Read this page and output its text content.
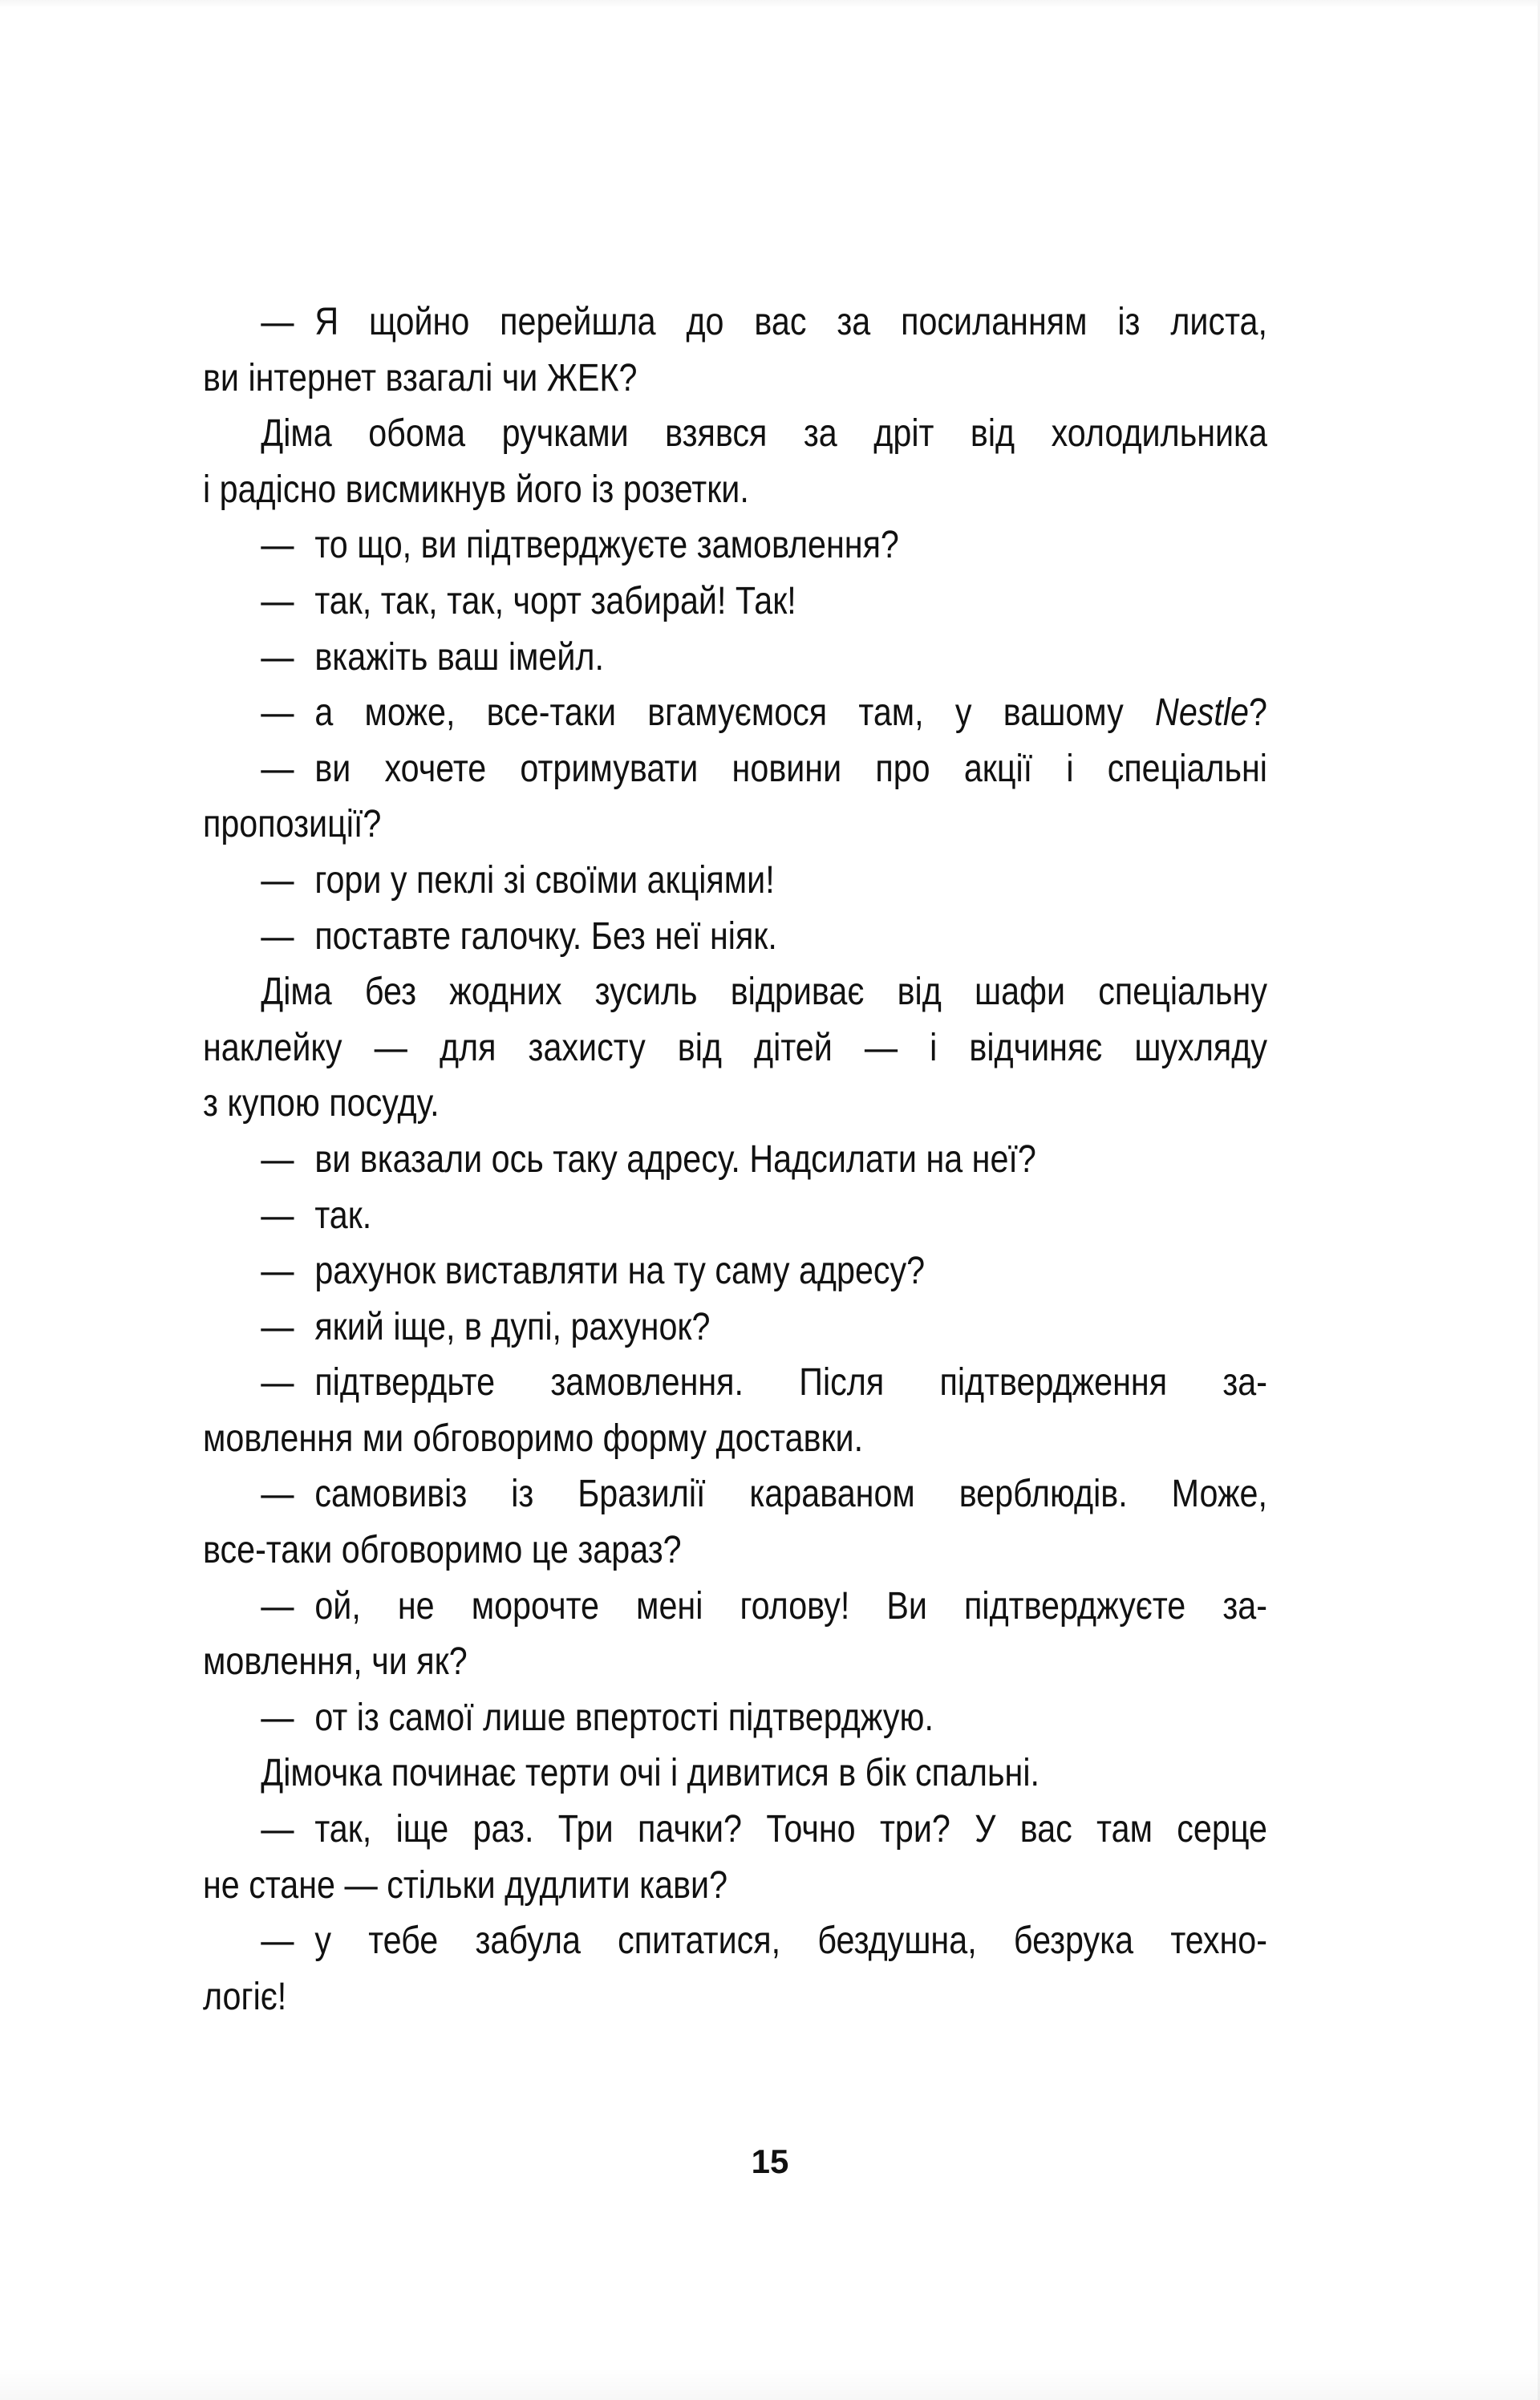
— Я щойно перейшла до вас за посиланням із листа,
ви інтернет взагалі чи ЖЕК?
Діма обома ручками взявся за дріт від холодильника
і радісно висмикнув його із розетки.
— то що, ви підтверджуєте замовлення?
— так, так, так, чорт забирай! Так!
— вкажіть ваш імейл.
— а може, все-таки вгамуємося там, у вашому Nestle?
— ви хочете отримувати новини про акції і спеціальні
пропозиції?
— гори у пеклі зі своїми акціями!
— поставте галочку. Без неї ніяк.
Діма без жодних зусиль відриває від шафи спеціальну
наклейку — для захисту від дітей — і відчиняє шухляду
з купою посуду.
— ви вказали ось таку адресу. Надсилати на неї?
— так.
— рахунок виставляти на ту саму адресу?
— який іще, в дупі, рахунок?
— підтвердьте замовлення. Після підтвердження за-
мовлення ми обговоримо форму доставки.
— самовивіз із Бразилії караваном верблюдів. Може,
все-таки обговоримо це зараз?
— ой, не морочте мені голову! Ви підтверджуєте за-
мовлення, чи як?
— от із самої лише впертості підтверджую.
Дімочка починає терти очі і дивитися в бік спальні.
— так, іще раз. Три пачки? Точно три? У вас там серце
не стане — стільки дудлити кави?
— у тебе забула спитатися, бездушна, безрука техно-
логіє!
15
